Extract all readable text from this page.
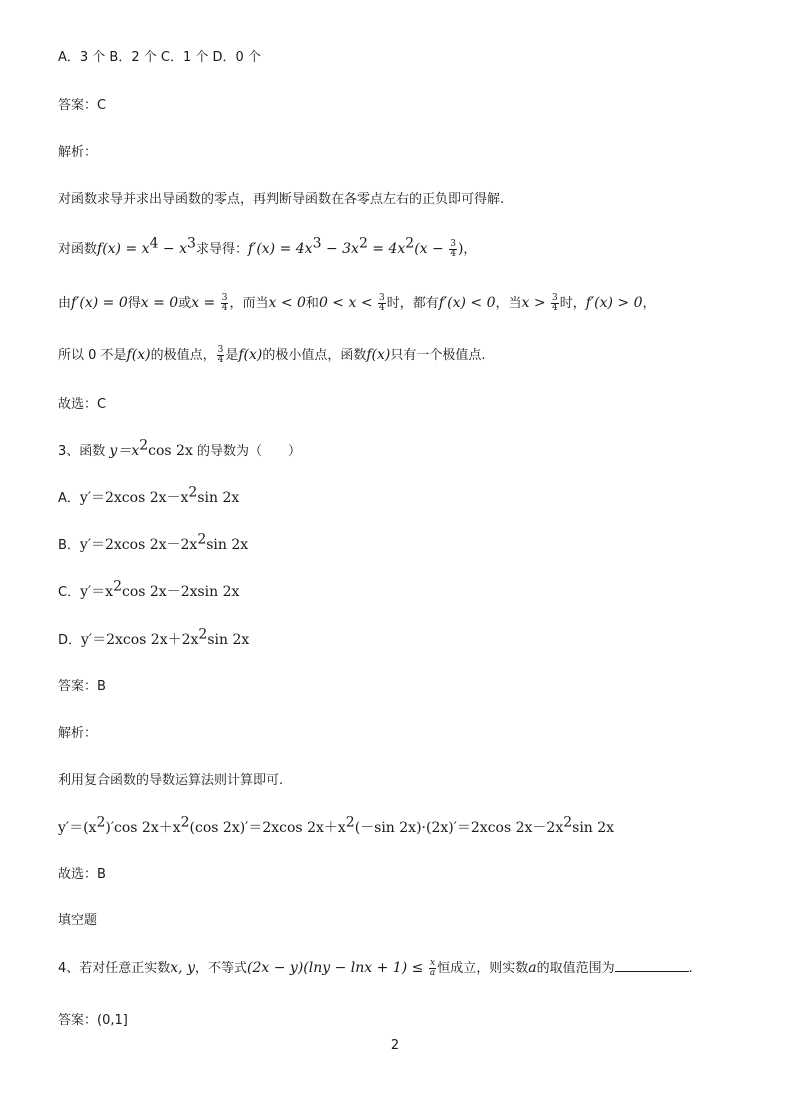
A．3 个 B．2 个 C．1 个 D．0 个
答案：C
解析：
对函数求导并求出导函数的零点，再判断导函数在各零点左右的正负即可得解.
对函数$f(x) = x^4 - x^3$求导得：$f'(x) = 4x^3 - 3x^2 = 4x^2(x - \frac{3}{4}$ )，
由f′(x) = 0得x = 0或$x = \frac{3}{4}$ ，而当x < 0和$0 < x < \frac{3}{4}$ 时，都有f′(x) < 0，当$x > \frac{3}{4}$ 时，f′(x) > 0，
所以 0 不是f(x)的极值点， $\frac{3}{4}$ 是f(x)的极小值点，函数f(x)只有一个极值点.
故选：C
3、函数 $y=x^2\cos$ 2x 的导数为（　　）
A．y′＝2xcos $2x-x^2\sin$ 2x
B．y′＝2xcos $2x-2x^2\sin$ 2x
C．$y'=x^2\cos$ 2x－2xsin 2x
D．y′＝2xcos $2x+2x^2\sin$ 2x
答案：B
解析：
利用复合函数的导数运算法则计算即可.
$y'=(x^2)'\cos$ $2x+x^2(\cos$ 2x)′＝2xcos $2x+x^2(-\sin$ 2x)·(2x)′＝2xcos $2x-2x^2\sin$ 2x
故选：B
填空题
4、若对任意正实数x, y，不等式$(2x - y)(\ln y - \ln x + 1) \le \frac{x}{a}$ 恒成立，则实数a的取值范围为	.
答案：(0,1]
2
